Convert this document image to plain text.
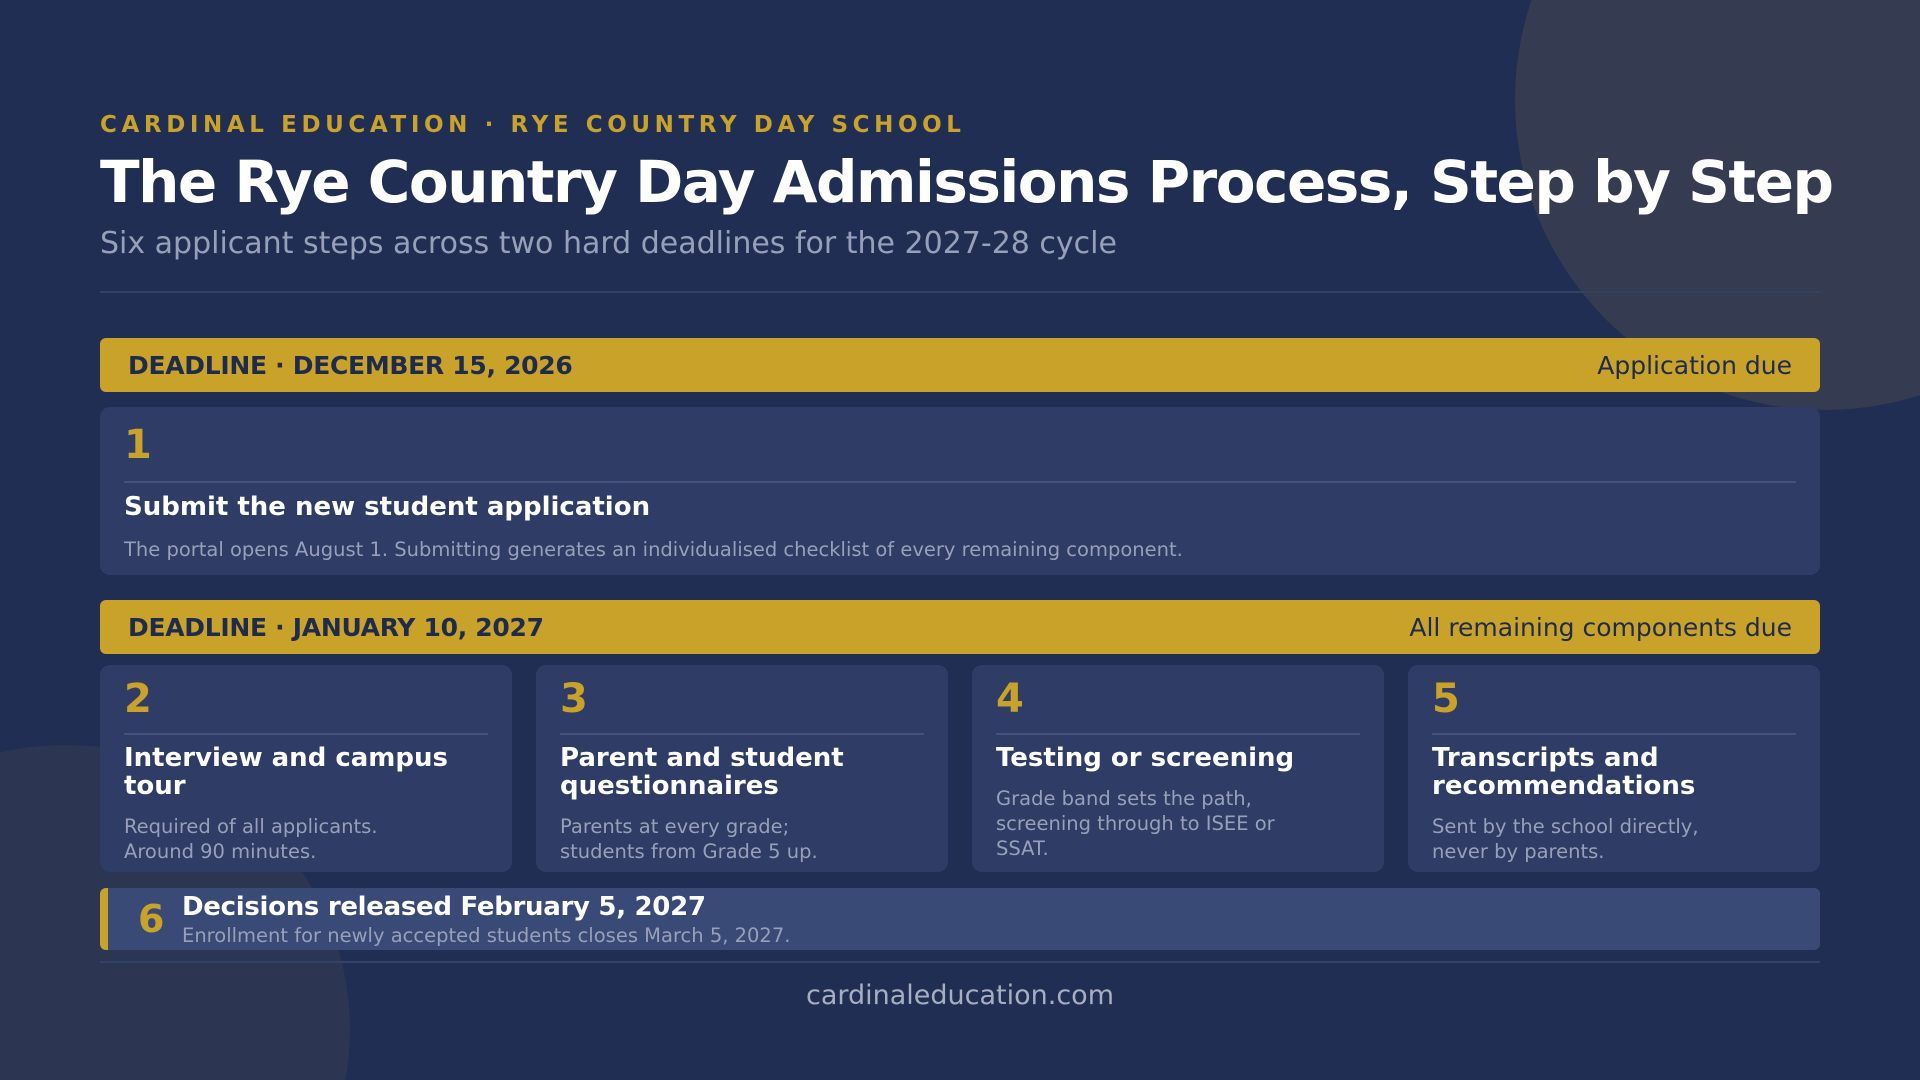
CARDINAL EDUCATION · RYE COUNTRY DAY SCHOOL
The Rye Country Day Admissions Process, Step by Step
Six applicant steps across two hard deadlines for the 2027-28 cycle
DEADLINE · DECEMBER 15, 2026	Application due
1
Submit the new student application
The portal opens August 1. Submitting generates an individualised checklist of every remaining component.
DEADLINE · JANUARY 10, 2027	All remaining components due
2
Interview and campus tour
Required of all applicants. Around 90 minutes.
3
Parent and student questionnaires
Parents at every grade; students from Grade 5 up.
4
Testing or screening
Grade band sets the path, screening through to ISEE or SSAT.
5
Transcripts and recommendations
Sent by the school directly, never by parents.
6 Decisions released February 5, 2027
Enrollment for newly accepted students closes March 5, 2027.
cardinaleducation.com
